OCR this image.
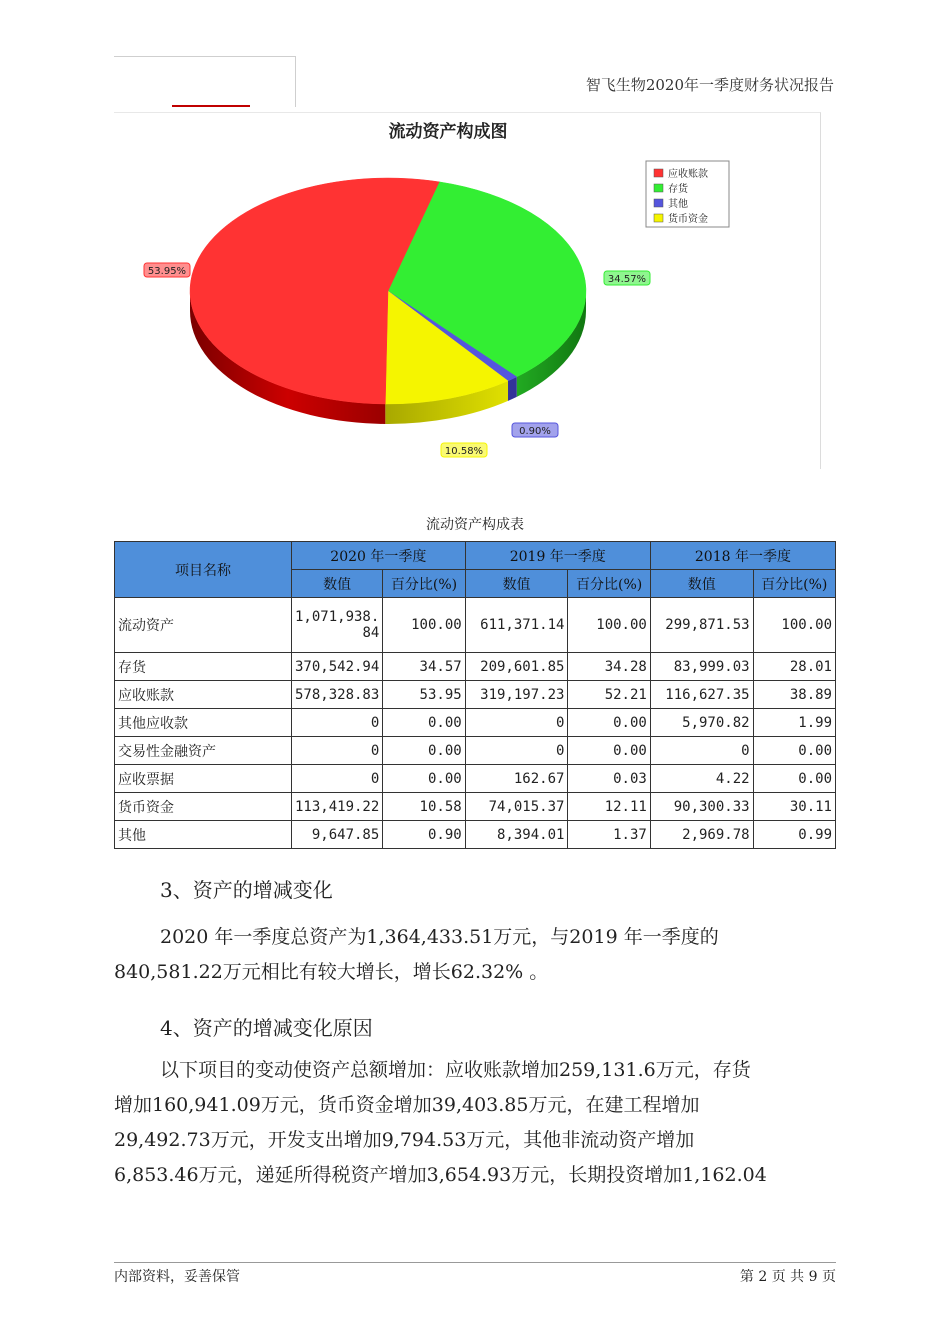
智飞生物2020年一季度财务状况报告
流动资产构成图
34.57%
0.90%
10.58%
53.95%
应收账款
存货
其他
货币资金
流动资产构成表
项目名称	2020 年一季度		2019 年一季度		2018 年一季度	
	数值	百分比(%)	数值	百分比(%)	数值	百分比(%)
流动资产	1,071,938.84	100.00	611,371.14	100.00	299,871.53	100.00
存货	370,542.94	34.57	209,601.85	34.28	83,999.03	28.01
应收账款	578,328.83	53.95	319,197.23	52.21	116,627.35	38.89
其他应收款	0	0.00	0	0.00	5,970.82	1.99
交易性金融资产	0	0.00	0	0.00	0	0.00
应收票据	0	0.00	162.67	0.03	4.22	0.00
货币资金	113,419.22	10.58	74,015.37	12.11	90,300.33	30.11
其他	9,647.85	0.90	8,394.01	1.37	2,969.78	0.99
3、资产的增减变化

2020 年一季度总资产为1,364,433.51万元，与2019 年一季度的

840,581.22万元相比有较大增长，增长62.32% 。

4、资产的增减变化原因

以下项目的变动使资产总额增加：应收账款增加259,131.6万元，存货

增加160,941.09万元，货币资金增加39,403.85万元，在建工程增加

29,492.73万元，开发支出增加9,794.53万元，其他非流动资产增加

6,853.46万元，递延所得税资产增加3,654.93万元，长期投资增加1,162.04

内部资料，妥善保管	第 2 页 共 9 页
